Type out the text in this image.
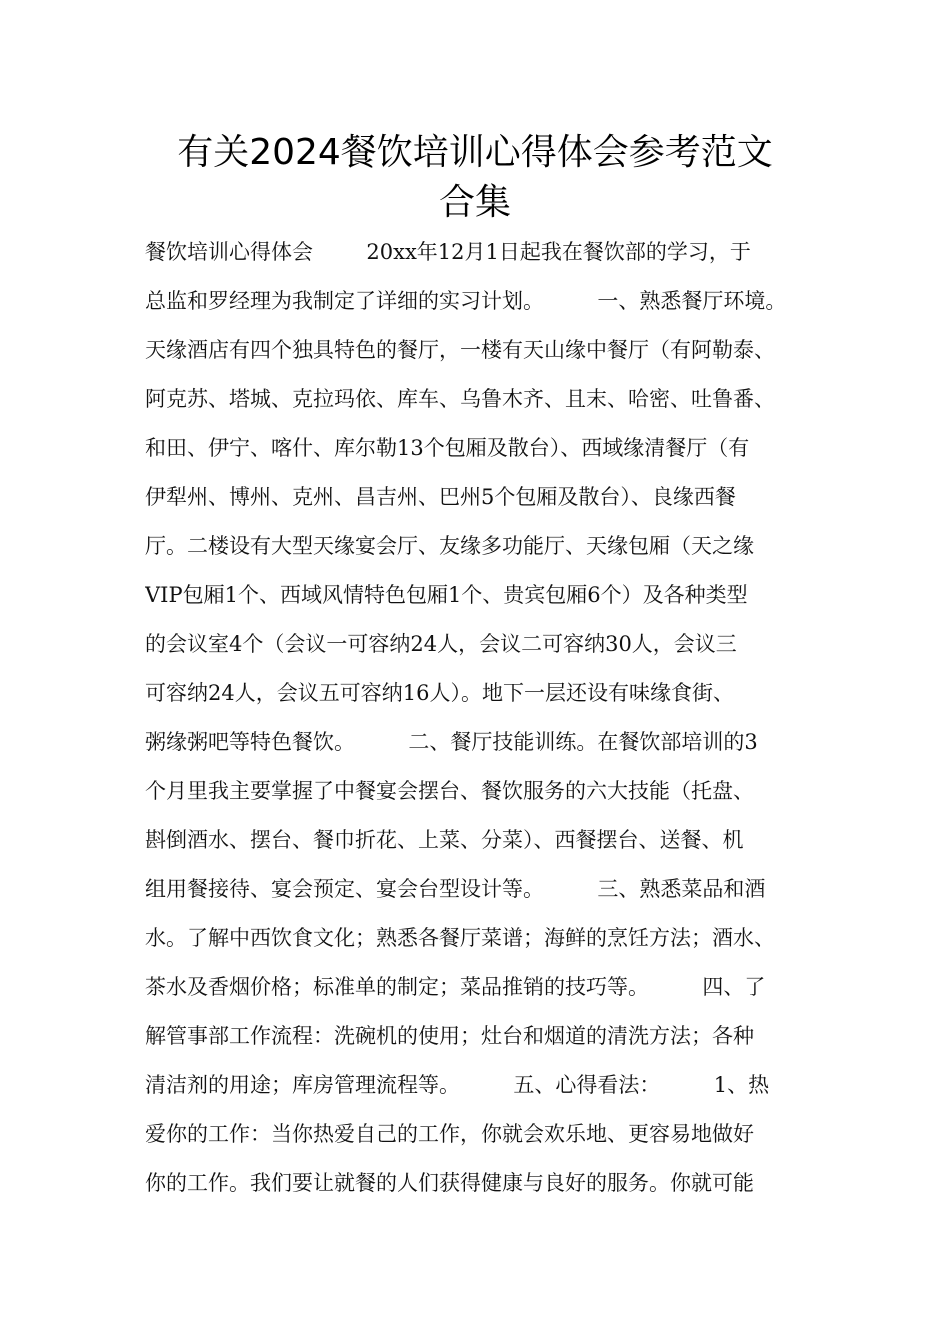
有关2024餐饮培训心得体会参考范文
合集
餐饮培训心得体会        20xx年12月1日起我在餐饮部的学习，于
总监和罗经理为我制定了详细的实习计划。        一、熟悉餐厅环境。
天缘酒店有四个独具特色的餐厅，一楼有天山缘中餐厅（有阿勒泰、
阿克苏、塔城、克拉玛依、库车、乌鲁木齐、且末、哈密、吐鲁番、
和田、伊宁、喀什、库尔勒13个包厢及散台）、西域缘清餐厅（有
伊犁州、博州、克州、昌吉州、巴州5个包厢及散台）、良缘西餐
厅。二楼设有大型天缘宴会厅、友缘多功能厅、天缘包厢（天之缘
VIP包厢1个、西域风情特色包厢1个、贵宾包厢6个）及各种类型
的会议室4个（会议一可容纳24人，会议二可容纳30人，会议三
可容纳24人，会议五可容纳16人）。地下一层还设有味缘食街、
粥缘粥吧等特色餐饮。        二、餐厅技能训练。在餐饮部培训的3
个月里我主要掌握了中餐宴会摆台、餐饮服务的六大技能（托盘、
斟倒酒水、摆台、餐巾折花、上菜、分菜）、西餐摆台、送餐、机
组用餐接待、宴会预定、宴会台型设计等。        三、熟悉菜品和酒
水。了解中西饮食文化；熟悉各餐厅菜谱；海鲜的烹饪方法；酒水、
茶水及香烟价格；标准单的制定；菜品推销的技巧等。        四、了
解管事部工作流程：洗碗机的使用；灶台和烟道的清洗方法；各种
清洁剂的用途；库房管理流程等。        五、心得看法：        1、热
爱你的工作：当你热爱自己的工作，你就会欢乐地、更容易地做好
你的工作。我们要让就餐的人们获得健康与良好的服务。你就可能
